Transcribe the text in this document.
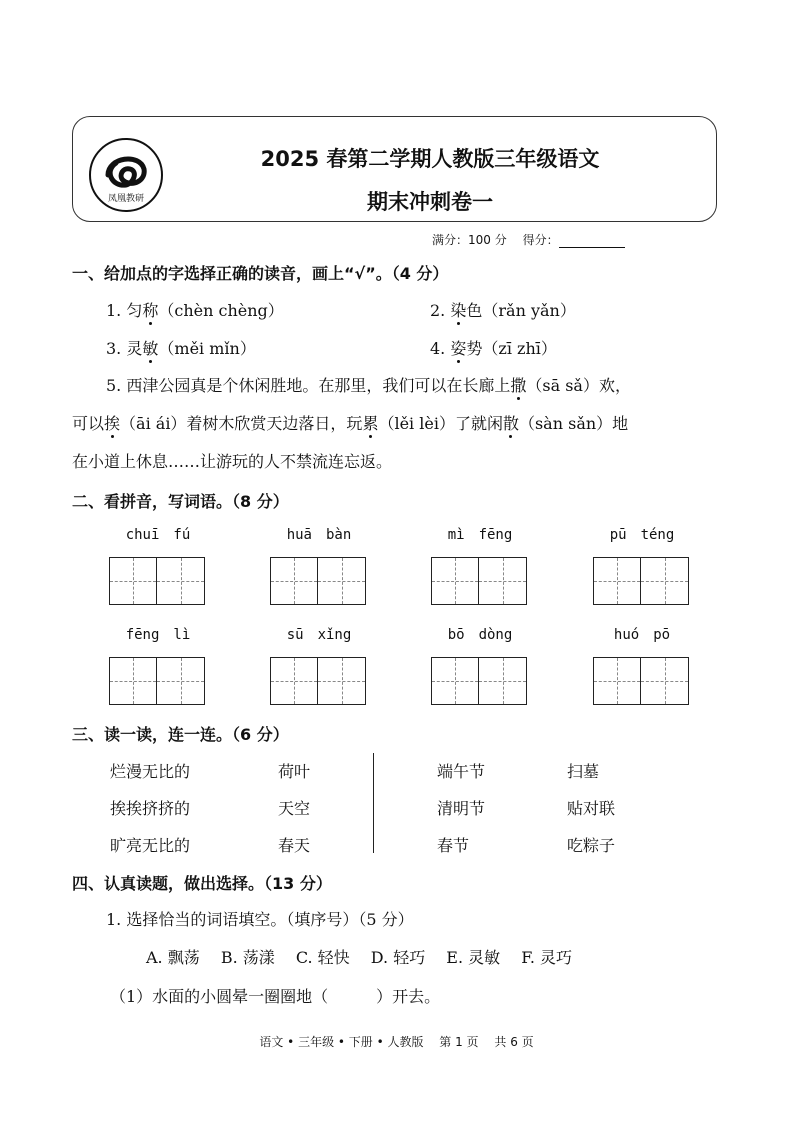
凤凰教研
2025 春第二学期人教版三年级语文
期末冲刺卷一
满分：100 分　 得分：
一、给加点的字选择正确的读音，画上“√”。（4 分）
1. 匀称（chèn chèng）	2. 染色（rǎn yǎn）
3. 灵敏（měi mǐn）	4. 姿势（zī zhī）
5. 西津公园真是个休闲胜地。在那里，我们可以在长廊上撒（sā sǎ）欢，
可以挨（āi ái）着树木欣赏天边落日，玩累（lěi lèi）了就闲散（sàn sǎn）地
在小道上休息……让游玩的人不禁流连忘返。
二、看拼音，写词语。（8 分）
chuī　 fú	huā　 bàn	mì　 fēng	pū　 téng
fēng　 lì	sū　 xǐng	bō　 dòng	huó　 pō
三、读一读，连一连。（6 分）
烂漫无比的
挨挨挤挤的
旷亮无比的
荷叶
天空
春天
端午节
清明节
春节
扫墓
贴对联
吃粽子
四、认真读题，做出选择。（13 分）
1. 选择恰当的词语填空。（填序号）（5 分）
A. 飘荡　 B. 荡漾　 C. 轻快　 D. 轻巧　 E. 灵敏　 F. 灵巧
（1）水面的小圆晕一圈圈地（　　　）开去。
语文 • 三年级 • 下册 • 人教版　 第 1 页　 共 6 页
